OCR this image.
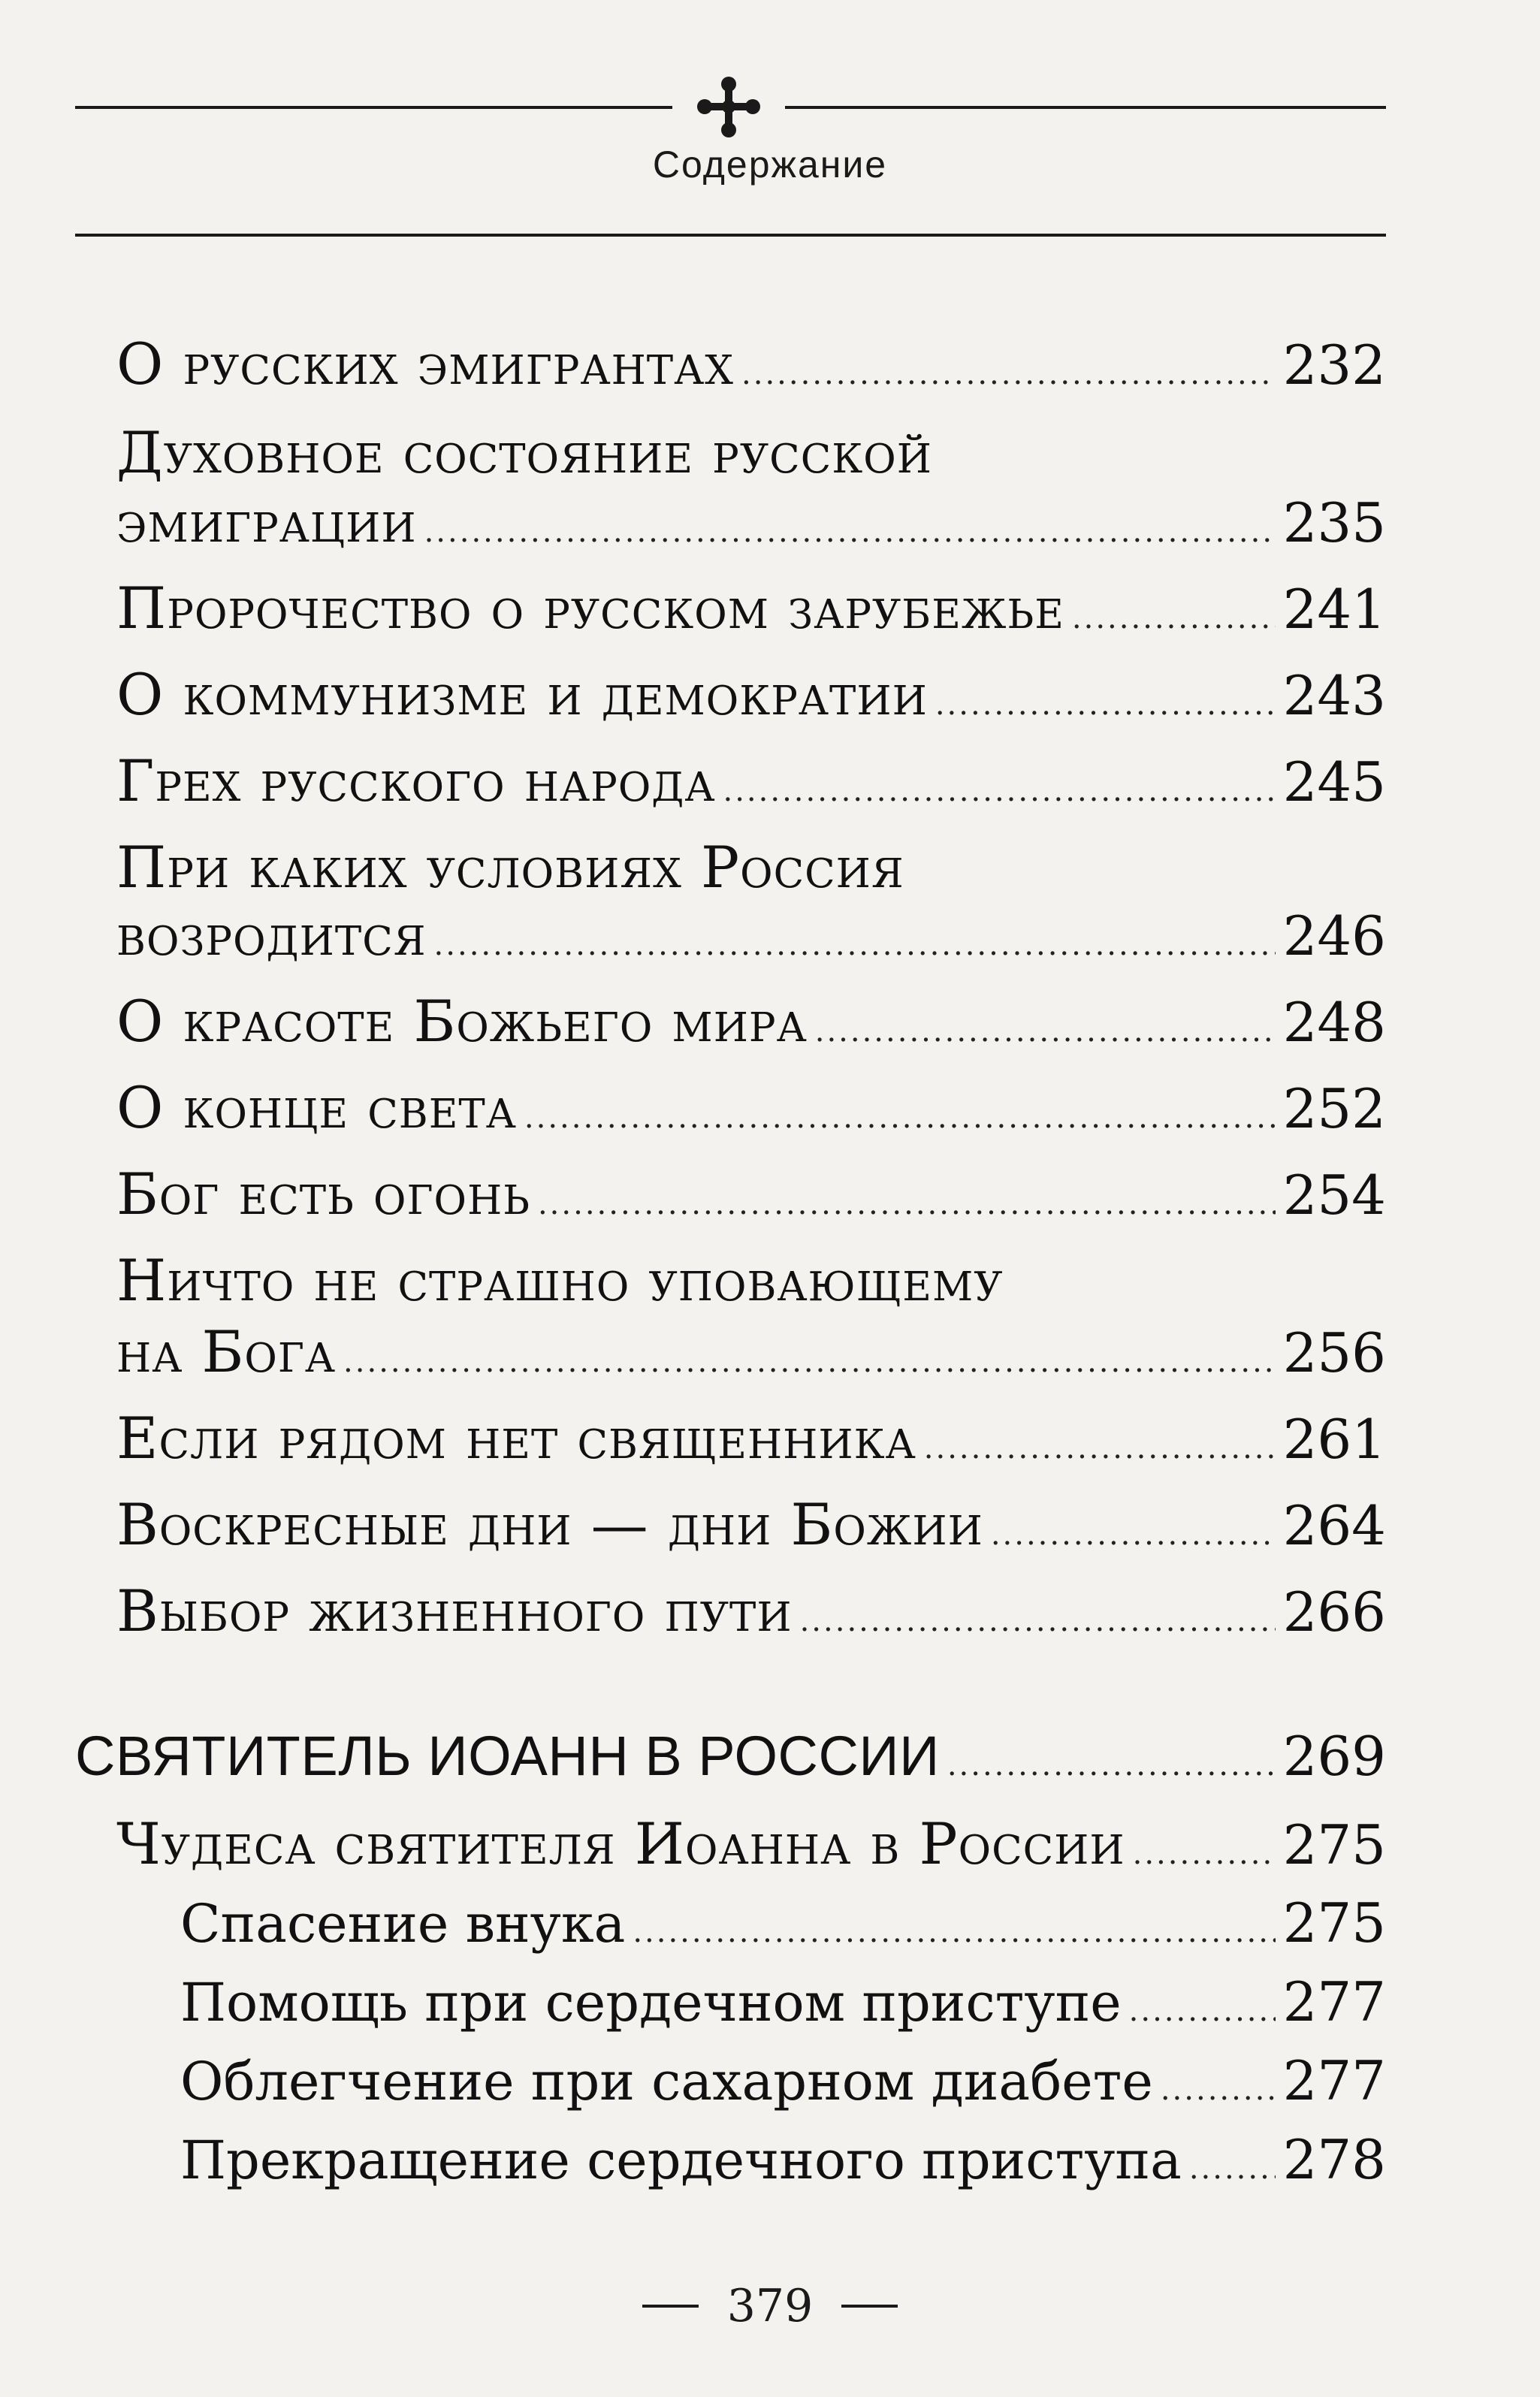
Содержание
О русских эмигрантах .....	232
Духовное состояние русской
эмиграции .....	235
Пророчество о русском зарубежье .....	241
О коммунизме и демократии .....	243
Грех русского народа .....	245
При каких условиях Россия
возродится .....	246
О красоте Божьего мира .....	248
О конце света .....	252
Бог есть огонь .....	254
Ничто не страшно уповающему
на Бога .....	256
Если рядом нет священника .....	261
Воскресные дни — дни Божии .....	264
Выбор жизненного пути .....	266
СВЯТИТЕЛЬ ИОАНН В РОССИИ .....	269
Чудеса святителя Иоанна в России .....	275
Спасение внука .....	275
Помощь при сердечном приступе .....	277
Облегчение при сахарном диабете ..... 277
Прекращение сердечного приступа ..... 278
379
